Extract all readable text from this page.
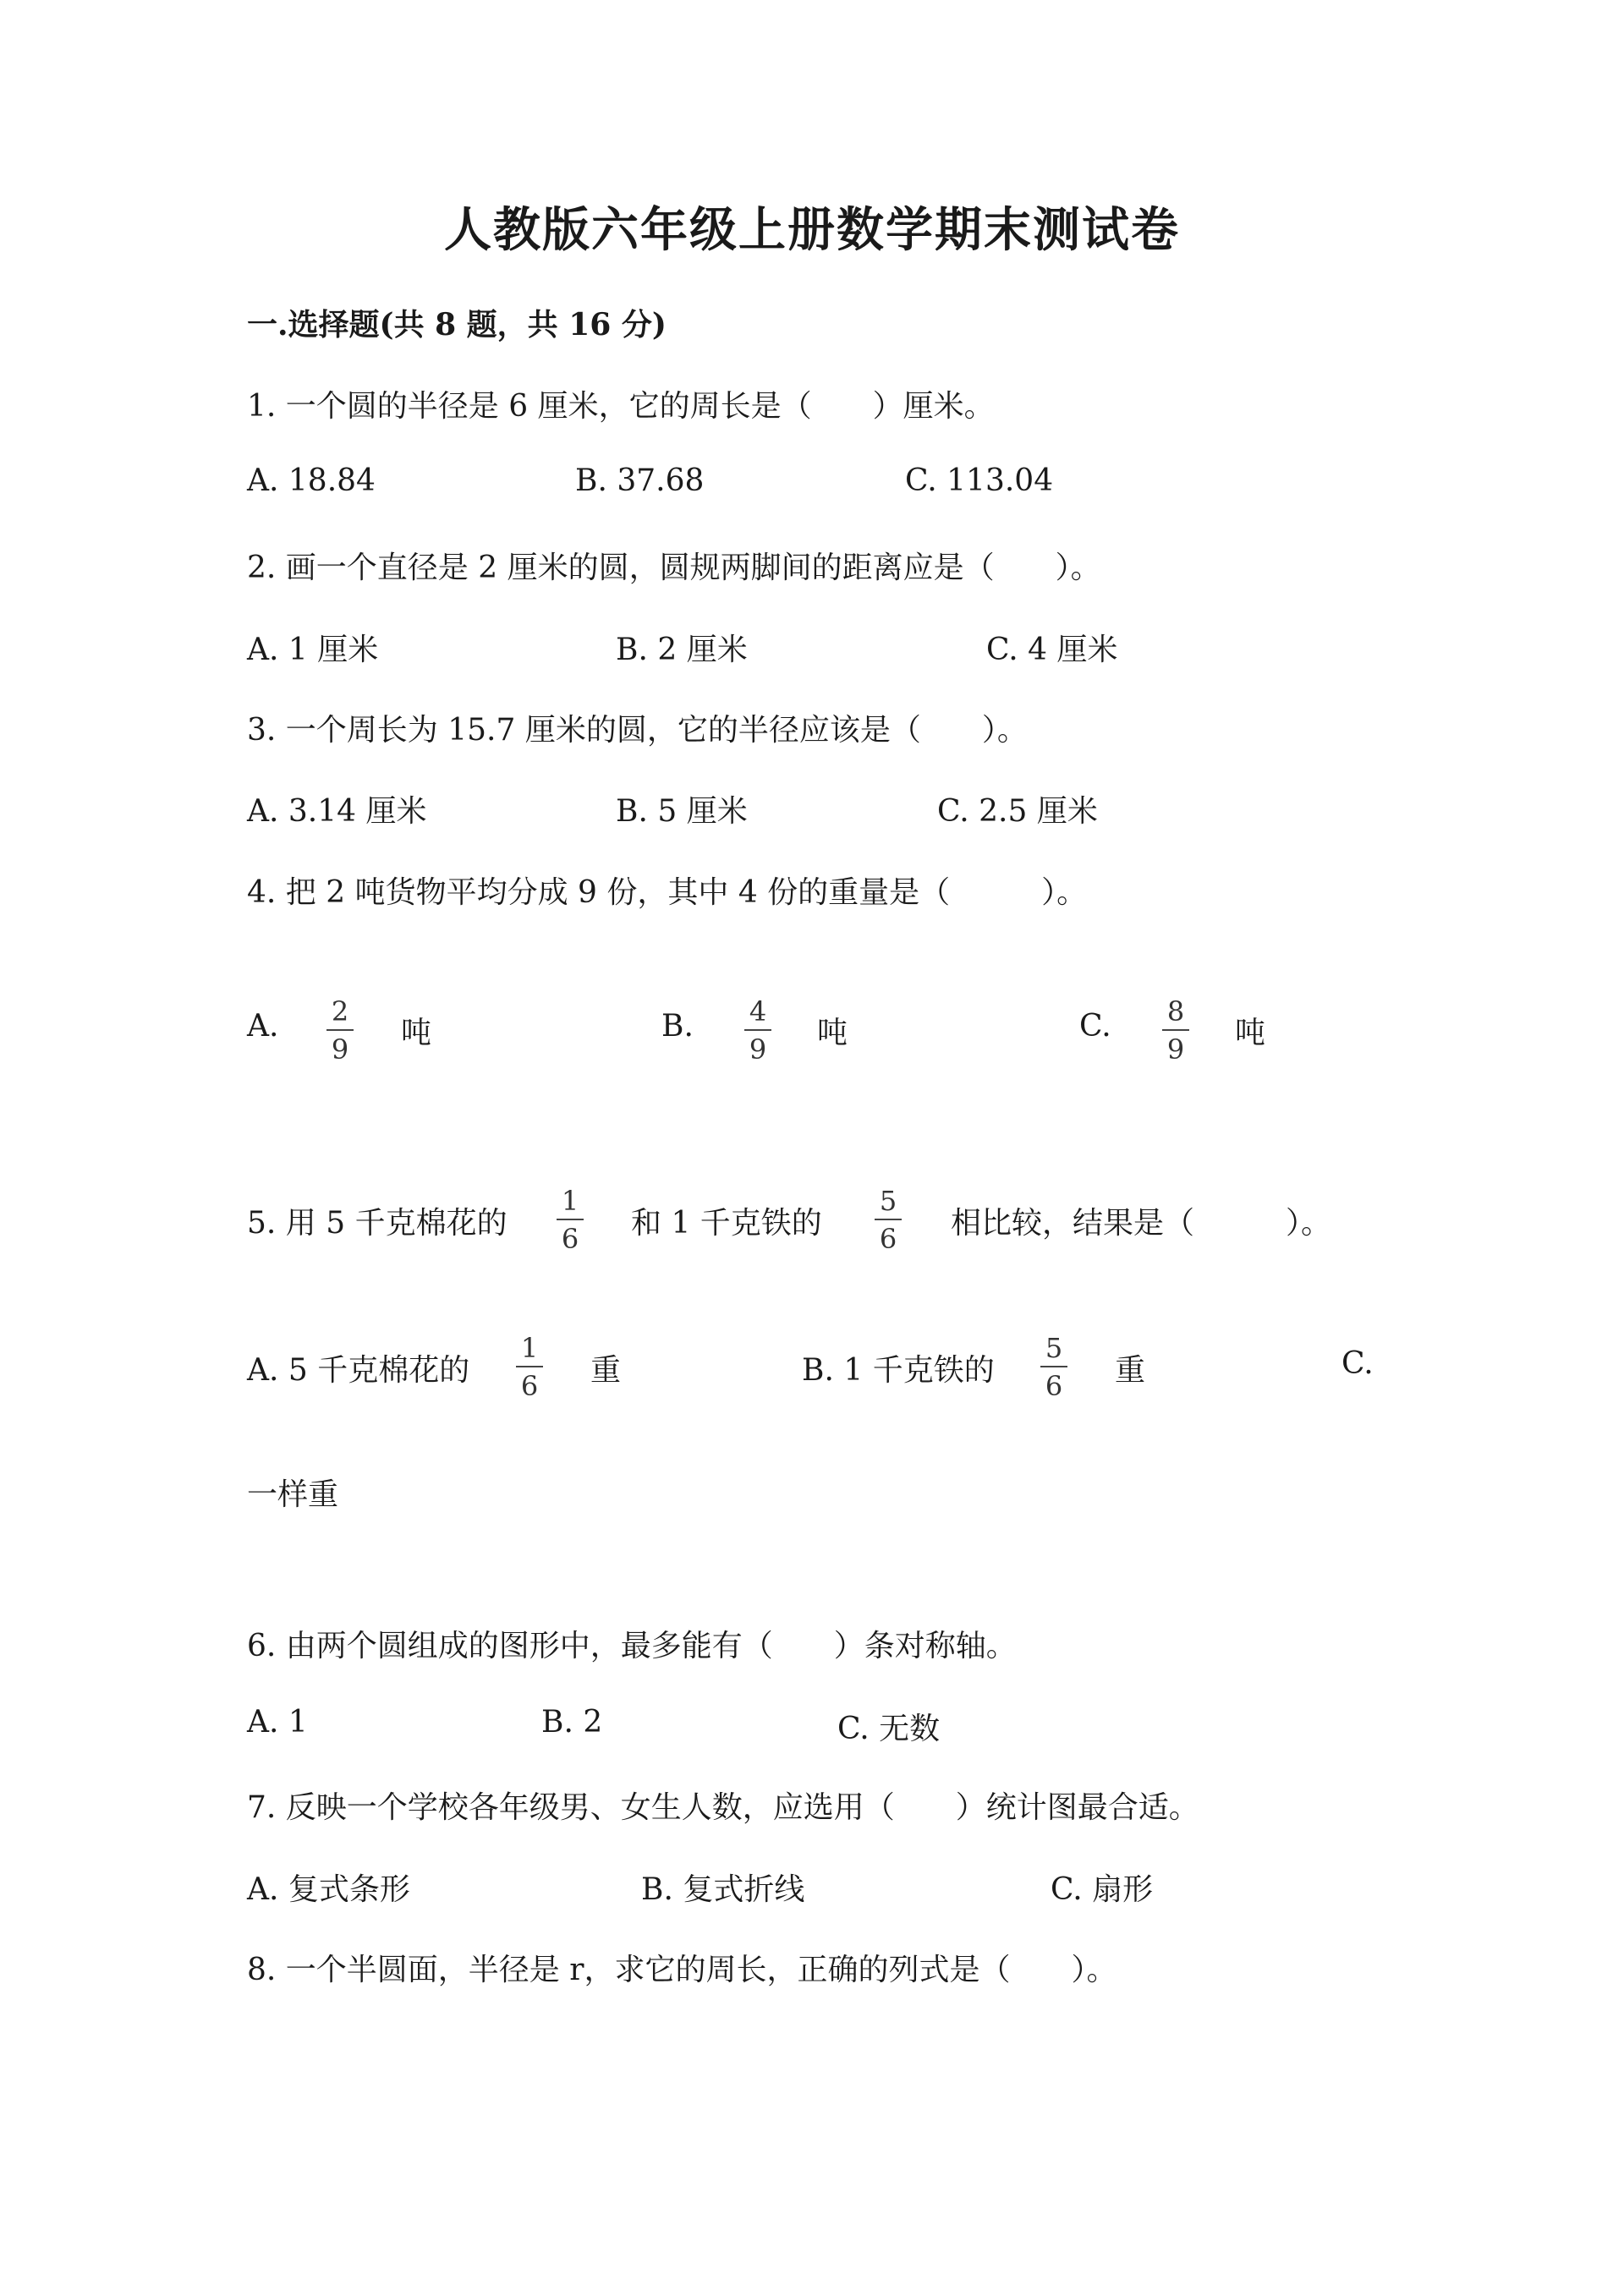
人教版六年级上册数学期末测试卷
一.选择题(共 8 题，共 16 分)
1. 一个圆的半径是 6 厘米，它的周长是（　　）厘米。
A. 18.84	B. 37.68	C. 113.04
2. 画一个直径是 2 厘米的圆，圆规两脚间的距离应是（　　）。
A. 1 厘米	B. 2 厘米	C. 4 厘米
3. 一个周长为 15.7 厘米的圆，它的半径应该是（　　）。
A. 3.14 厘米	B. 5 厘米	C. 2.5 厘米
4. 把 2 吨货物平均分成 9 份，其中 4 份的重量是（　　　）。
A.	2
9 吨	B.	4
9 吨	C.	8
9 吨
5. 用 5 千克棉花的
1
6 和 1 千克铁的
5
6 相比较，结果是（　　　）。
A. 5 千克棉花的
1
6 重	B. 1 千克铁的
5
6 重	C.
一样重
6. 由两个圆组成的图形中，最多能有（　　）条对称轴。
A. 1	B. 2	C. 无数
7. 反映一个学校各年级男、女生人数，应选用（　　）统计图最合适。
A. 复式条形	B. 复式折线	C. 扇形
8. 一个半圆面，半径是 r，求它的周长，正确的列式是（　　）。
